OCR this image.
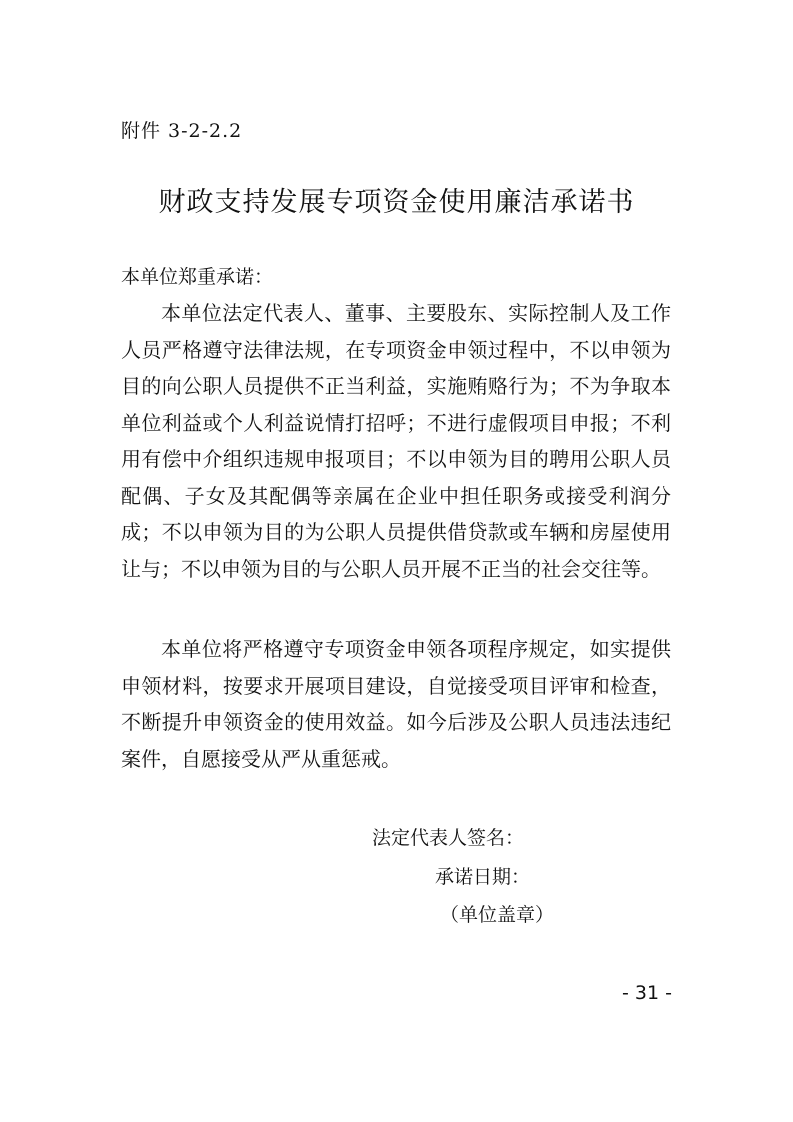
附件 3-2-2.2

财政支持发展专项资金使用廉洁承诺书

本单位郑重承诺：

本单位法定代表人、董事、主要股东、实际控制人及工作人员严格遵守法律法规，在专项资金申领过程中，不以申领为目的向公职人员提供不正当利益，实施贿赂行为；不为争取本单位利益或个人利益说情打招呼；不进行虚假项目申报；不利用有偿中介组织违规申报项目；不以申领为目的聘用公职人员配偶、子女及其配偶等亲属在企业中担任职务或接受利润分成；不以申领为目的为公职人员提供借贷款或车辆和房屋使用让与；不以申领为目的与公职人员开展不正当的社会交往等。

本单位将严格遵守专项资金申领各项程序规定，如实提供申领材料，按要求开展项目建设，自觉接受项目评审和检查，不断提升申领资金的使用效益。如今后涉及公职人员违法违纪案件，自愿接受从严从重惩戒。

法定代表人签名：

承诺日期：

（单位盖章）

- 31 -
